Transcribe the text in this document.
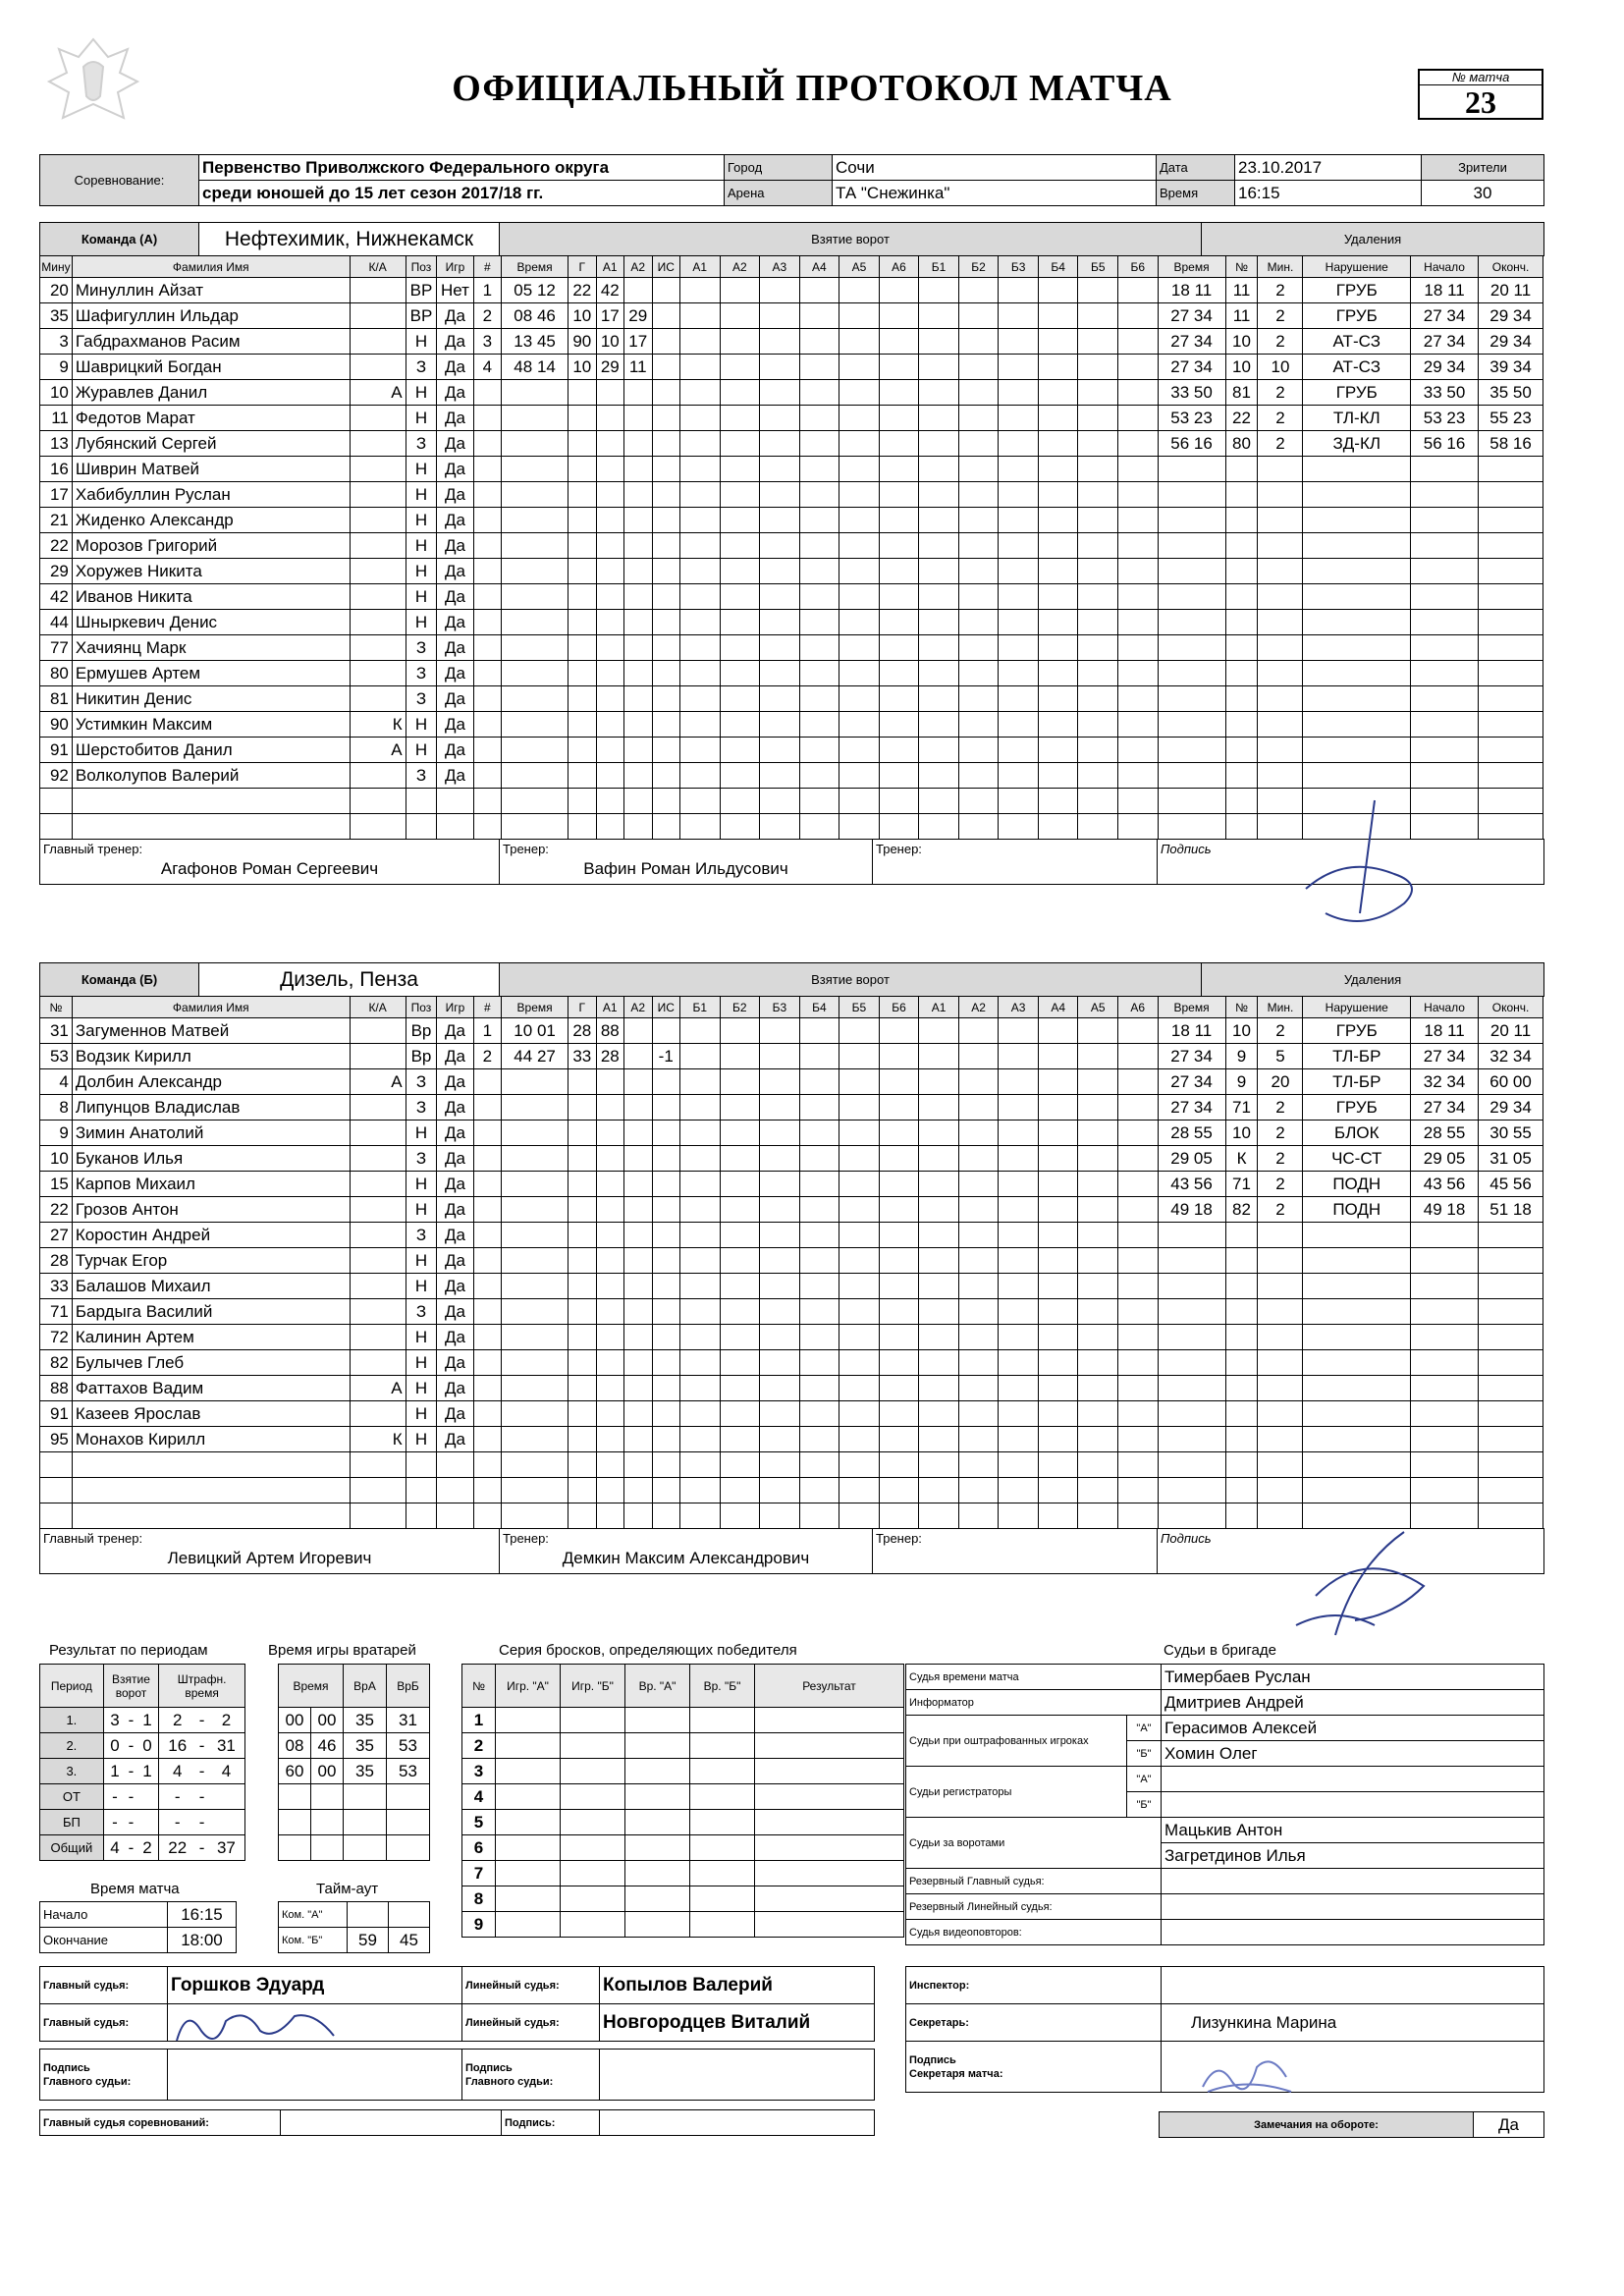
ОФИЦИАЛЬНЫЙ ПРОТОКОЛ МАТЧА	№ матча
23
Соревнование:	Первенство Приволжского Федерального округа	Город	Сочи	Дата	23.10.2017	Зрители
	среди юношей до 15 лет сезон 2017/18 гг.	Арена	ТА "Снежинка"	Время	16:15	30
Команда (А)	Нефтехимик, Нижнекамск	Взятие ворот	Удаления
Мину	Фамилия Имя	К/А	Поз	Игр	#	Время	Г	А1	А2	ИС	А1	А2	А3	А4	А5	А6	Б1	Б2	Б3	Б4	Б5	Б6	Время	№	Мин.	Нарушение	Начало	Оконч.
20	Минуллин Айзат		ВР	Нет	1	05 12	22	42															18 11	11	2	ГРУБ	18 11	20 11
35	Шафигуллин Ильдар		ВР	Да	2	08 46	10	17	29														27 34	11	2	ГРУБ	27 34	29 34
3	Габдрахманов Расим		Н	Да	3	13 45	90	10	17														27 34	10	2	АТ-СЗ	27 34	29 34
9	Шаврицкий Богдан		З	Да	4	48 14	10	29	11														27 34	10	10	АТ-СЗ	29 34	39 34
10	Журавлев Данил	А	Н	Да																			33 50	81	2	ГРУБ	33 50	35 50
11	Федотов Марат		Н	Да																			53 23	22	2	ТЛ-КЛ	53 23	55 23
13	Лубянский Сергей		З	Да																			56 16	80	2	ЗД-КЛ	56 16	58 16
16	Шиврин Матвей		Н	Да																								
17	Хабибуллин Руслан		Н	Да																								
21	Жиденко Александр		Н	Да																								
22	Морозов Григорий		Н	Да																								
29	Хоружев Никита		Н	Да																								
42	Иванов Никита		Н	Да																								
44	Шныркевич Денис		Н	Да																								
77	Хачиянц Марк		З	Да																								
80	Ермушев Артем		З	Да																								
81	Никитин Денис		З	Да																								
90	Устимкин Максим	К	Н	Да																								
91	Шерстобитов Данил	А	Н	Да																								
92	Волколупов Валерий		З	Да																								

Главный тренер:
Агафонов Роман Сергеевич

Тренер:
Вафин Роман Ильдусович

Тренер:	Подпись
Команда (Б)	Дизель, Пенза	Взятие ворот	Удаления
№	Фамилия Имя	К/А	Поз	Игр	#	Время	Г	А1	А2	ИС	Б1	Б2	Б3	Б4	Б5	Б6	А1	А2	А3	А4	А5	А6	Время	№	Мин.	Нарушение	Начало	Оконч.
31	Загуменнов Матвей		Вр	Да	1	10 01	28	88															18 11	10	2	ГРУБ	18 11	20 11
53	Водзик Кирилл		Вр	Да	2	44 27	33	28		-1													27 34	9	5	ТЛ-БР	27 34	32 34
4	Долбин Александр	А	З	Да																			27 34	9	20	ТЛ-БР	32 34	60 00
8	Липунцов Владислав		З	Да																			27 34	71	2	ГРУБ	27 34	29 34
9	Зимин Анатолий		Н	Да																			28 55	10	2	БЛОК	28 55	30 55
10	Буканов Илья		З	Да																			29 05	К	2	ЧС-СТ	29 05	31 05
15	Карпов Михаил		Н	Да																			43 56	71	2	ПОДН	43 56	45 56
22	Грозов Антон		Н	Да																			49 18	82	2	ПОДН	49 18	51 18
27	Коростин Андрей		З	Да																								
28	Турчак Егор		Н	Да																								
33	Балашов Михаил		Н	Да																								
71	Бардыга Василий		З	Да																								
72	Калинин Артем		Н	Да																								
82	Булычев Глеб		Н	Да																								
88	Фаттахов Вадим	А	Н	Да																								
91	Казеев Ярослав		Н	Да																								
95	Монахов Кирилл	К	Н	Да																								

Главный тренер:
Левицкий Артем Игоревич

Тренер:
Демкин Максим Александрович

Тренер:	Подпись
Результат по периодам
Период	Взятие ворот			Штрафн. время		
1.	3	-	1	2	-	2
2.	0	-	0	16	-	31
3.	1	-	1	4	-	4
ОТ	-	-		-	-	
БП	-	-		-	-	
Общий	4	-	2	22	-	37
Время игры вратарей
Время		ВрА	ВрБ
00	00	35	31
08	46	35	53
60	00	35	53

Время матча
Начало	16:15
Окончание	18:00
Тайм-аут
Ком. "А"		
Ком. "Б"	59	45
Серия бросков, определяющих победителя
№	Игр. "А"	Игр. "Б"	Вр. "А"	Вр. "Б"	Результат
1					
2					
3					
4					
5					
6					
7					
8					
9					
Судьи в бригаде
Судья времени матча		Тимербаев Руслан
Информатор		Дмитриев Андрей
Судьи при оштрафованных игроках	"А"	Герасимов Алексей
	"Б"	Хомин Олег
Судьи регистраторы	"А"	
	"Б"	
Судьи за воротами		Мацькив Антон
		Загретдинов Илья
Резервный Главный судья:		
Резервный Линейный судья:		
Судья видеоповторов:		
Главный судья:	Горшков Эдуард	Линейный судья:	Копылов Валерий
Главный судья:		Линейный судья:	Новгородцев Виталий
Подпись
Главного судьи:

Подпись
Главного судьи:

Главный судья соревнований:		Подпись:	
Инспектор:	
Секретарь:	Лизункина Марина

Подпись
Секретаря матча:	

Замечания на обороте:	Да
